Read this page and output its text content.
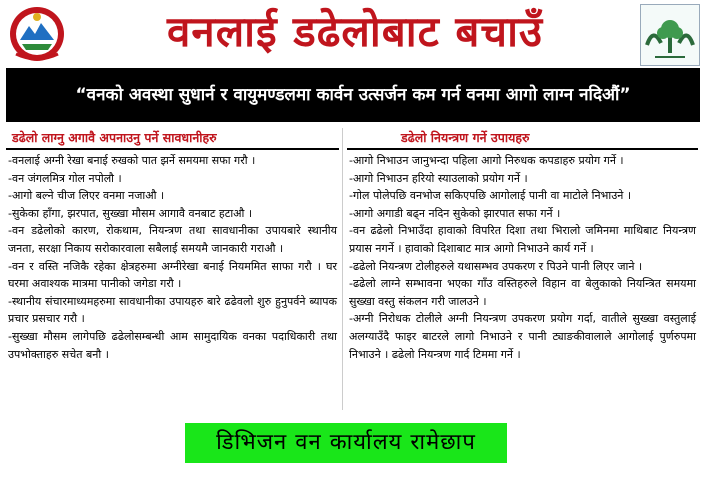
वनलाई डढेलोबाट बचाउँ
“वनको अवस्था सुधार्न र वायुमण्डलमा कार्वन उत्सर्जन कम गर्न वनमा आगो लाग्न नदिऔं”
डढेलो लाग्नु अगावै अपनाउनु पर्ने सावधानीहरु
-वनलाई अग्नी रेखा बनाई रुखको पात झर्ने समयमा सफा गरौ ।
-वन जंगलमित्र गोल नपोलौ ।
-आगो बल्ने चीज लिएर वनमा नजाऔ ।
-सुकेका हाँगा, झरपात, सुख्खा मौसम आगावै वनबाट हटाऔ ।
-वन डढेलोको कारण, रोकथाम, नियन्त्रण तथा सावधानीका उपायबारे स्थानीय जनता, सरक्षा निकाय सरोकारवाला सबैलाई समयमै जानकारी गराऔ ।
-वन र वस्ति नजिकै रहेका क्षेत्रहरुमा अग्नीरेखा बनाई नियममित साफा गरौ । घर घरमा अवाश्यक मात्रमा पानीको जगेडा गरौ ।
-स्थानीय संचारमाध्यमहरुमा सावधानीका उपायहरु बारे ढढेवलो शुरु हुनुपर्वने ब्यापक प्रचार प्रसचार गरौ ।
-सुख्खा मौसम लागेपछि ढढेलोसम्बन्धी आम सामुदायिक वनका पदाधिकारी तथा उपभोक्ताहरु सचेत बनौ ।
डढेलो नियन्त्रण गर्ने उपायहरु
-आगो निभाउन जानुभन्दा पहिला आगो निरुधक कपडाहरु प्रयोग गर्ने ।
-आगो निभाउन हरियो स्याउलाको प्रयोग गर्ने ।
-गोल पोलेपछि वनभोज सकिएपछि आगोलाई पानी वा माटोले निभाउने ।
-आगो अगाडी बढ्न नदिन सुकेको झारपात सफा गर्ने ।
-वन ढढेलो निभाउँदा हावाको विपरित दिशा तथा भिरालो जमिनमा माथिबाट नियन्त्रण प्रयास नगर्ने । हावाको दिशाबाट मात्र आगो निभाउने कार्य गर्ने ।
-ढढेलो नियन्त्रण टोलीहरुले यथासम्भव उपकरण र पिउने पानी लिएर जाने ।
-ढढेलो लाग्ने सम्भावना भएका गाँउ वस्तिहरुले विहान वा बेलुकाको नियन्त्रित समयमा सुख्खा वस्तु संकलन गरी जालउने ।
-अग्नी निरोधक टोलीले अग्नी नियन्त्रण उपकरण प्रयोग गर्दा, वातीले सुख्खा वस्तुलाई अलग्याउँदै फाइर बाटरले लागो निभाउने र पानी ट्याङकीवालाले आगोलाई पुर्णरुपमा निभाउने । ढढेलो नियन्त्रण गार्द टिममा गर्ने ।
डिभिजन वन कार्यालय रामेछाप
